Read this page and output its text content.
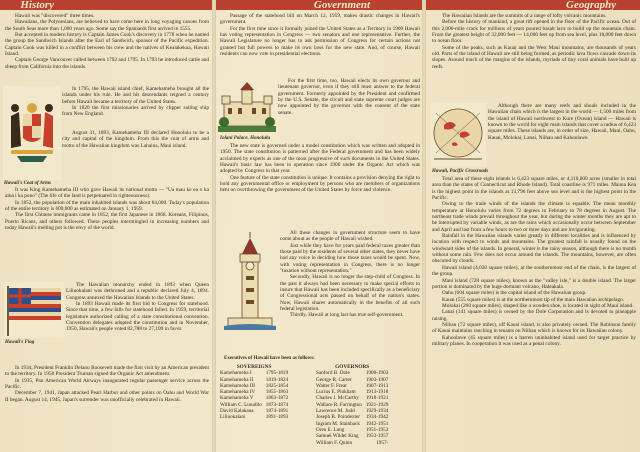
History	Government	Geography

Hawaii was "discovered" three times.

Hawaiians, the Polynesians, are believed to have come here in long voyaging canoes from the South Seas more than 1,000 years ago. Some say the Spaniards first arrived in 1555.

But accepted in modern history is Captain James Cook's discovery in 1778 when he named the group the Sandwich Islands after the Earl of Sandwich, sponsor of the Pacific expedition. Captain Cook was killed in a conflict between his crew and the natives of Kealakekua, Hawaii Island.

Captain George Vancouver called between 1792 and 1795. In 1793 he introduced cattle and sheep from California into the islands.

In 1795, the Hawaii island chief, Kamehameha brought all the islands under his rule. He and his descendants reigned a century before Hawaii became a territory of the United States.

In 1820 the first missionaries arrived by clipper sailing ship from New England.

August 31, 1893, Kamehameha III declared Honolulu to be a city and capital of the kingdom. From this the coat of arms and motto of the Hawaiian kingdom was Lahaina, Maui island.

Hawaii's Coat of Arms

It was King Kamehameha III who gave Hawaii its national motto — "Ua mau ke ea o ka aina i ka pono" (The life of the land is perpetuated in righteousness).

In 1852, the population of the main inhabited islands was about 84,000. Today's population of the entire territory is 600,000 as estimated on January 1, 1959.

The first Chinese immigrants came in 1852, the first Japanese in 1868. Koreans, Filipinos, Puerto Ricans, and others followed. These peoples intermingled in increasing numbers and today Hawaii's melting pot is the envy of the world.

The Hawaiian monarchy ended in 1893 when Queen Liliuokalani was dethroned and a republic declared July 4, 1894. Congress annexed the Hawaiian Islands to the United States.

In 1893 Hawaii made its first bid to Congress for statehood. Since that time, a few bills for statehood failed. In 1959, territorial legislature authorized calling of a state constitutional convention. Convention delegates adopted the constitution and in November, 1950, Hawaii's people voted 82,788 to 27,109 in favor.

Hawaii's Flag

In 1934, President Franklin Delano Roosevelt made the first visit by an American president to the territory. In 1950 President Truman signed the Organic Act amendment.

In 1935, Pan American World Airways inaugurated regular passenger service across the Pacific.

December 7, 1941, Japan attacked Pearl Harbor and other points on Oahu and World War II began. August 14, 1945, Japan's surrender was unofficially celebrated in Hawaii.

Passage of the statehood bill on March 12, 1959, makes drastic changes in Hawaii's government.

For the first time since it formally joined the United States as a Territory in 1900 Hawaii has voting representation in Congress — two senators and one representative. Further, the Hawaii Legislature no longer has to ask permission of Congress for certain actions not granted but full powers to make its own laws for the new state. And, of course, Hawaii residents can now vote in presidential elections.

For the first time, too, Hawaii elects its own governor and lieutenant governor, even if they still must answer to the federal government. Formerly appointed by the President and confirmed by the U.S. Senate, the circuit and state supreme court judges are now appointed by the governor with the consent of the state senate.

Iolani Palace, Honolulu

The new state is governed under a model constitution which was written and adopted in 1950. The state constitution is patterned after the Federal government and has been widely acclaimed by experts as one of the most progressive of such documents in the United States. Hawaii's basic law has been in operation since 1900 under the Organic Act which was adopted by Congress in that year.

One feature of the state constitution is unique. It contains a provision denying the right to hold any governmental office or employment by persons who are members of organizations bent on overthrowing the government of the United States by force and violence.

All these changes in government structure seem to have come about as the people of Hawaii wished.

Just while they have for years paid federal taxes greater than those paid by the residents of several other states, they never have had any voice in deciding how those taxes would be spent. Now, with voting representation in Congress, there is no longer "taxation without representation."

Secondly, Hawaii is no longer the step-child of Congress. In the past it always had been necessary to make special efforts to insure that Hawaii has been included specifically as a beneficiary of Congressional acts passed on behalf of the nation's states. Now, Hawaii shares automatically in the benefits of all such federal legislation.

Thirdly, Hawaii at long last has true self-government.

Executives of Hawaii have been as follows:
SOVEREIGNS	
Kamehameha I	1795-1819
Kamehameha II	1819-1824
Kamehameha III	1825-1854
Kamehameha IV	1855-1863
Kamehameha V	1863-1872
William C. Lunalilo	1873-1874
David Kalakaua	1874-1891
Liliuokalani	1891-1893
GOVERNORS	
Sanford B. Dole	1900-1903
George R. Carter	1903-1907
Walter F. Frear	1907-1913
Lucius E. Pinkham	1913-1918
Charles J. McCarthy	1918-1921
Wallace R. Farrington	1921-1929
Lawrence M. Judd	1929-1934
Joseph B. Poindexter	1934-1942
Ingram M. Stainback	1942-1951
Oren E. Long	1951-1953
Samuel Wilder King	1953-1957
William F. Quinn	1957-

The Hawaiian Islands are the summits of a range of lofty volcanic mountains.

Before the history of mankind, a great rift opened in the floor of the Pacific ocean. Out of this 2,000-mile crack for millions of years poured basalt lava to build up the mountain chain. From the greatest height of 32,000 feet — 14,000 feet up from sea level, plus 18,000 feet down to ocean floor.

Some of the peaks, such as Kauai and the West Maui mountains, are thousands of years old. Parts of the island of Hawaii are still being formed, as periodic lava flows cascade down its slopes. Around much of the margins of the islands, myriads of tiny coral animals have built up reefs.

Although there are many reefs and shoals included in the Hawaiian chain which is the largest in the world — 1,500 miles from the island of Hawaii northwest to Kure (Ocean) island — Hawaii is known to the world for eight main islands that cover a radius of 6,423 square miles. These islands are, in order of size, Hawaii, Maui, Oahu, Kauai, Molokai, Lanai, Niihau and Kahoolawe.

Hawaii, Pacific Crossroads

Total area of these eight islands is 6,423 square miles, or 4,110,000 acres (smaller in total area than the states of Connecticut and Rhode Island). Total coastline is 971 miles. Mauna Kea is the highest point in the islands at 13,796 feet above sea level and is the highest point in the Pacific.

Owing to the trade winds of the islands the climate is equable. The mean monthly temperature at Honolulu varies from 72 degrees in February to 78 degrees in August. The northeast trade winds prevail throughout the year, but during the winter months they are apt to be interrupted by variable winds, as are the rains which occasionally occur between September and April and last from a few hours to two or three days and are invigorating.

Rainfall in the Hawaiian islands varies greatly in different localities and is influenced by location with respect to winds and mountains. The greatest rainfall is usually found on the windward sides of the islands. In general, winter is the rainy season, although there is no month without some rain. Few does not occur around the islands. The mountains, however, are often obscured by clouds.

Hawaii island (4,030 square miles), at the southernmost end of the chain, is the largest of the group.

Maui island (728 square miles), known as the "valley isle," is a double island. The larger portion is dominated by the huge dormant volcano, Haleakala.

Oahu (604 square miles) is the capital island of the Hawaiian group.

Kauai (555 square miles) is at the northernmost tip of the main Hawaiian archipelago.

Molokai (260 square miles), shaped like a wooden shoe, is located in sight of Maui island.

Lanai (141 square miles) is owned by the Dole Corporation and is devoted to pineapple raising.

Niihau (72 square miles), off Kauai island, is also privately owned. The Robinson family of Kauai maintains ranching in tenants on Niihau which is known for its Hawaiian colony.

Kahoolawe (45 square miles) is a barren uninhabited island used for target practice by military planes. In cooperation it was used as a penal colony.
